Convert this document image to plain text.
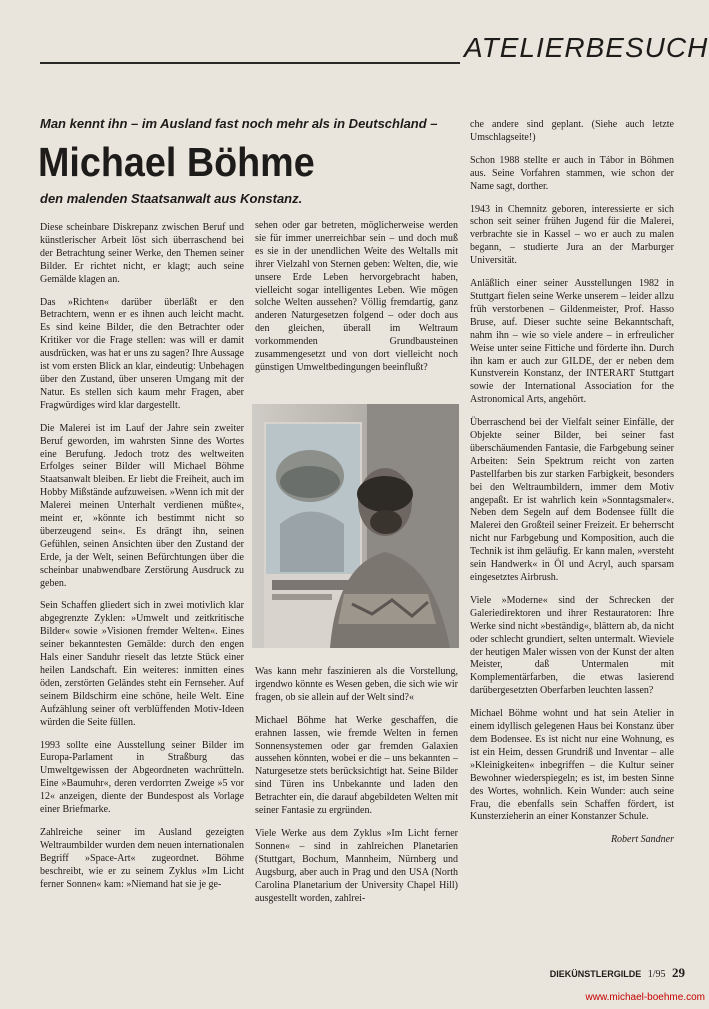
ATELIERBESUCH
Man kennt ihn – im Ausland fast noch mehr als in Deutschland –
Michael Böhme
den malenden Staatsanwalt aus Konstanz.

Diese scheinbare Diskrepanz zwischen Beruf und künstlerischer Arbeit löst sich überraschend bei der Betrachtung seiner Werke, den Themen seiner Bilder. Er richtet nicht, er klagt; auch seine Gemälde klagen an.

Das »Richten« darüber überläßt er den Betrachtern, wenn er es ihnen auch leicht macht. Es sind keine Bilder, die den Betrachter oder Kritiker vor die Frage stellen: was will er damit ausdrücken, was hat er uns zu sagen? Ihre Aussage ist vom ersten Blick an klar, eindeutig: Unbehagen über den Zustand, über unseren Umgang mit der Natur. Es stellen sich kaum mehr Fragen, aber Fragwürdiges wird klar dargestellt.

Die Malerei ist im Lauf der Jahre sein zweiter Beruf geworden, im wahrsten Sinne des Wortes eine Berufung. Jedoch trotz des weltweiten Erfolges seiner Bilder will Michael Böhme Staatsanwalt bleiben. Er liebt die Freiheit, auch im Hobby Mißstände aufzuweisen. »Wenn ich mit der Malerei meinen Unterhalt verdienen müßte«, meint er, »könnte ich bestimmt nicht so überzeugend sein«. Es drängt ihn, seinen Gefühlen, seinen Ansichten über den Zustand der Erde, ja der Welt, seinen Befürchtungen über die scheinbar unabwendbare Zerstörung Ausdruck zu geben.

Sein Schaffen gliedert sich in zwei motivlich klar abgegrenzte Zyklen: »Umwelt und zeitkritische Bilder« sowie »Visionen fremder Welten«. Eines seiner bekanntesten Gemälde: durch den engen Hals einer Sanduhr rieselt das letzte Stück einer heilen Landschaft. Ein weiteres: inmitten eines öden, zerstörten Geländes steht ein Fernseher. Auf seinem Bildschirm eine schöne, heile Welt. Eine Aufzählung seiner oft verblüffenden Motiv-Ideen würden die Seite füllen.

1993 sollte eine Ausstellung seiner Bilder im Europa-Parlament in Straßburg das Umweltgewissen der Abgeordneten wachrütteln. Eine »Baumuhr«, deren verdorrten Zweige »5 vor 12« anzeigen, diente der Bundespost als Vorlage einer Briefmarke.

Zahlreiche seiner im Ausland gezeigten Weltraumbilder wurden dem neuen internationalen Begriff »Space-Art« zugeordnet. Böhme beschreibt, wie er zu seinem Zyklus »Im Licht ferner Sonnen« kam: »Niemand hat sie je ge-

sehen oder gar betreten, möglicherweise werden sie für immer unerreichbar sein – und doch muß es sie in der unendlichen Weite des Weltalls mit ihrer Vielzahl von Sternen geben: Welten, die, wie unsere Erde Leben hervorgebracht haben, vielleicht sogar intelligentes Leben. Wie mögen solche Welten aussehen? Völlig fremdartig, ganz anderen Naturgesetzen folgend – oder doch aus den gleichen, überall im Weltraum vorkommenden Grundbausteinen zusammengesetzt und von dort vielleicht noch günstigen Umweltbedingungen beeinflußt?

Was kann mehr faszinieren als die Vorstellung, irgendwo könnte es Wesen geben, die sich wie wir fragen, ob sie allein auf der Welt sind?«

Michael Böhme hat Werke geschaffen, die erahnen lassen, wie fremde Welten in fernen Sonnensystemen oder gar fremden Galaxien aussehen könnten, wobei er die – uns bekannten – Naturgesetze stets berücksichtigt hat. Seine Bilder sind Türen ins Unbekannte und laden den Betrachter ein, die darauf abgebildeten Welten mit seiner Fantasie zu ergründen.

Viele Werke aus dem Zyklus »Im Licht ferner Sonnen« – sind in zahlreichen Planetarien (Stuttgart, Bochum, Mannheim, Nürnberg und Augsburg, aber auch in Prag und den USA (North Carolina Planetarium der University Chapel Hill) ausgestellt worden, zahlrei-

che andere sind geplant. (Siehe auch letzte Umschlagseite!)

Schon 1988 stellte er auch in Tábor in Böhmen aus. Seine Vorfahren stammen, wie schon der Name sagt, dorther.

1943 in Chemnitz geboren, interessierte er sich schon seit seiner frühen Jugend für die Malerei, verbrachte sie in Kassel – wo er auch zu malen begann, – studierte Jura an der Marburger Universität.

Anläßlich einer seiner Ausstellungen 1982 in Stuttgart fielen seine Werke unserem – leider allzu früh verstorbenen – Gildenmeister, Prof. Hasso Bruse, auf. Dieser suchte seine Bekanntschaft, nahm ihn – wie so viele andere – in erfreulicher Weise unter seine Fittiche und förderte ihn. Durch ihn kam er auch zur GILDE, der er neben dem Kunstverein Konstanz, der INTERART Stuttgart sowie der International Association for the Astronomical Arts, angehört.

Überraschend bei der Vielfalt seiner Einfälle, der Objekte seiner Bilder, bei seiner fast überschäumenden Fantasie, die Farbgebung seiner Arbeiten: Sein Spektrum reicht von zarten Pastellfarben bis zur starken Farbigkeit, besonders bei den Weltraumbildern, immer dem Motiv angepaßt. Er ist wahrlich kein »Sonntagsmaler«. Neben dem Segeln auf dem Bodensee füllt die Malerei den Großteil seiner Freizeit. Er beherrscht nicht nur Farbgebung und Komposition, auch die Technik ist ihm geläufig. Er kann malen, »versteht sein Handwerk« in Öl und Acryl, auch sparsam eingesetztes Airbrush.

Viele »Moderne« sind der Schrecken der Galeriedirektoren und ihrer Restauratoren: Ihre Werke sind nicht »beständig«, blättern ab, da nicht oder schlecht grundiert, selten untermalt. Wieviele der heutigen Maler wissen von der Kunst der alten Meister, daß Untermalen mit Komplementärfarben, die etwas lasierend darübergesetzten Oberfarben leuchten lassen?

Michael Böhme wohnt und hat sein Atelier in einem idyllisch gelegenen Haus bei Konstanz über dem Bodensee. Es ist nicht nur eine Wohnung, es ist ein Heim, dessen Grundriß und Inventar – alle »Kleinigkeiten« inbegriffen – die Kultur seiner Bewohner wiederspiegeln; es ist, im besten Sinne des Wortes, wohnlich. Kein Wunder: auch seine Frau, die ebenfalls sein Schaffen fördert, ist Kunsterzieherin an einer Konstanzer Schule.

Robert Sandner
DIEKÜNSTLERGILDE 1/95 29
www.michael-boehme.com
